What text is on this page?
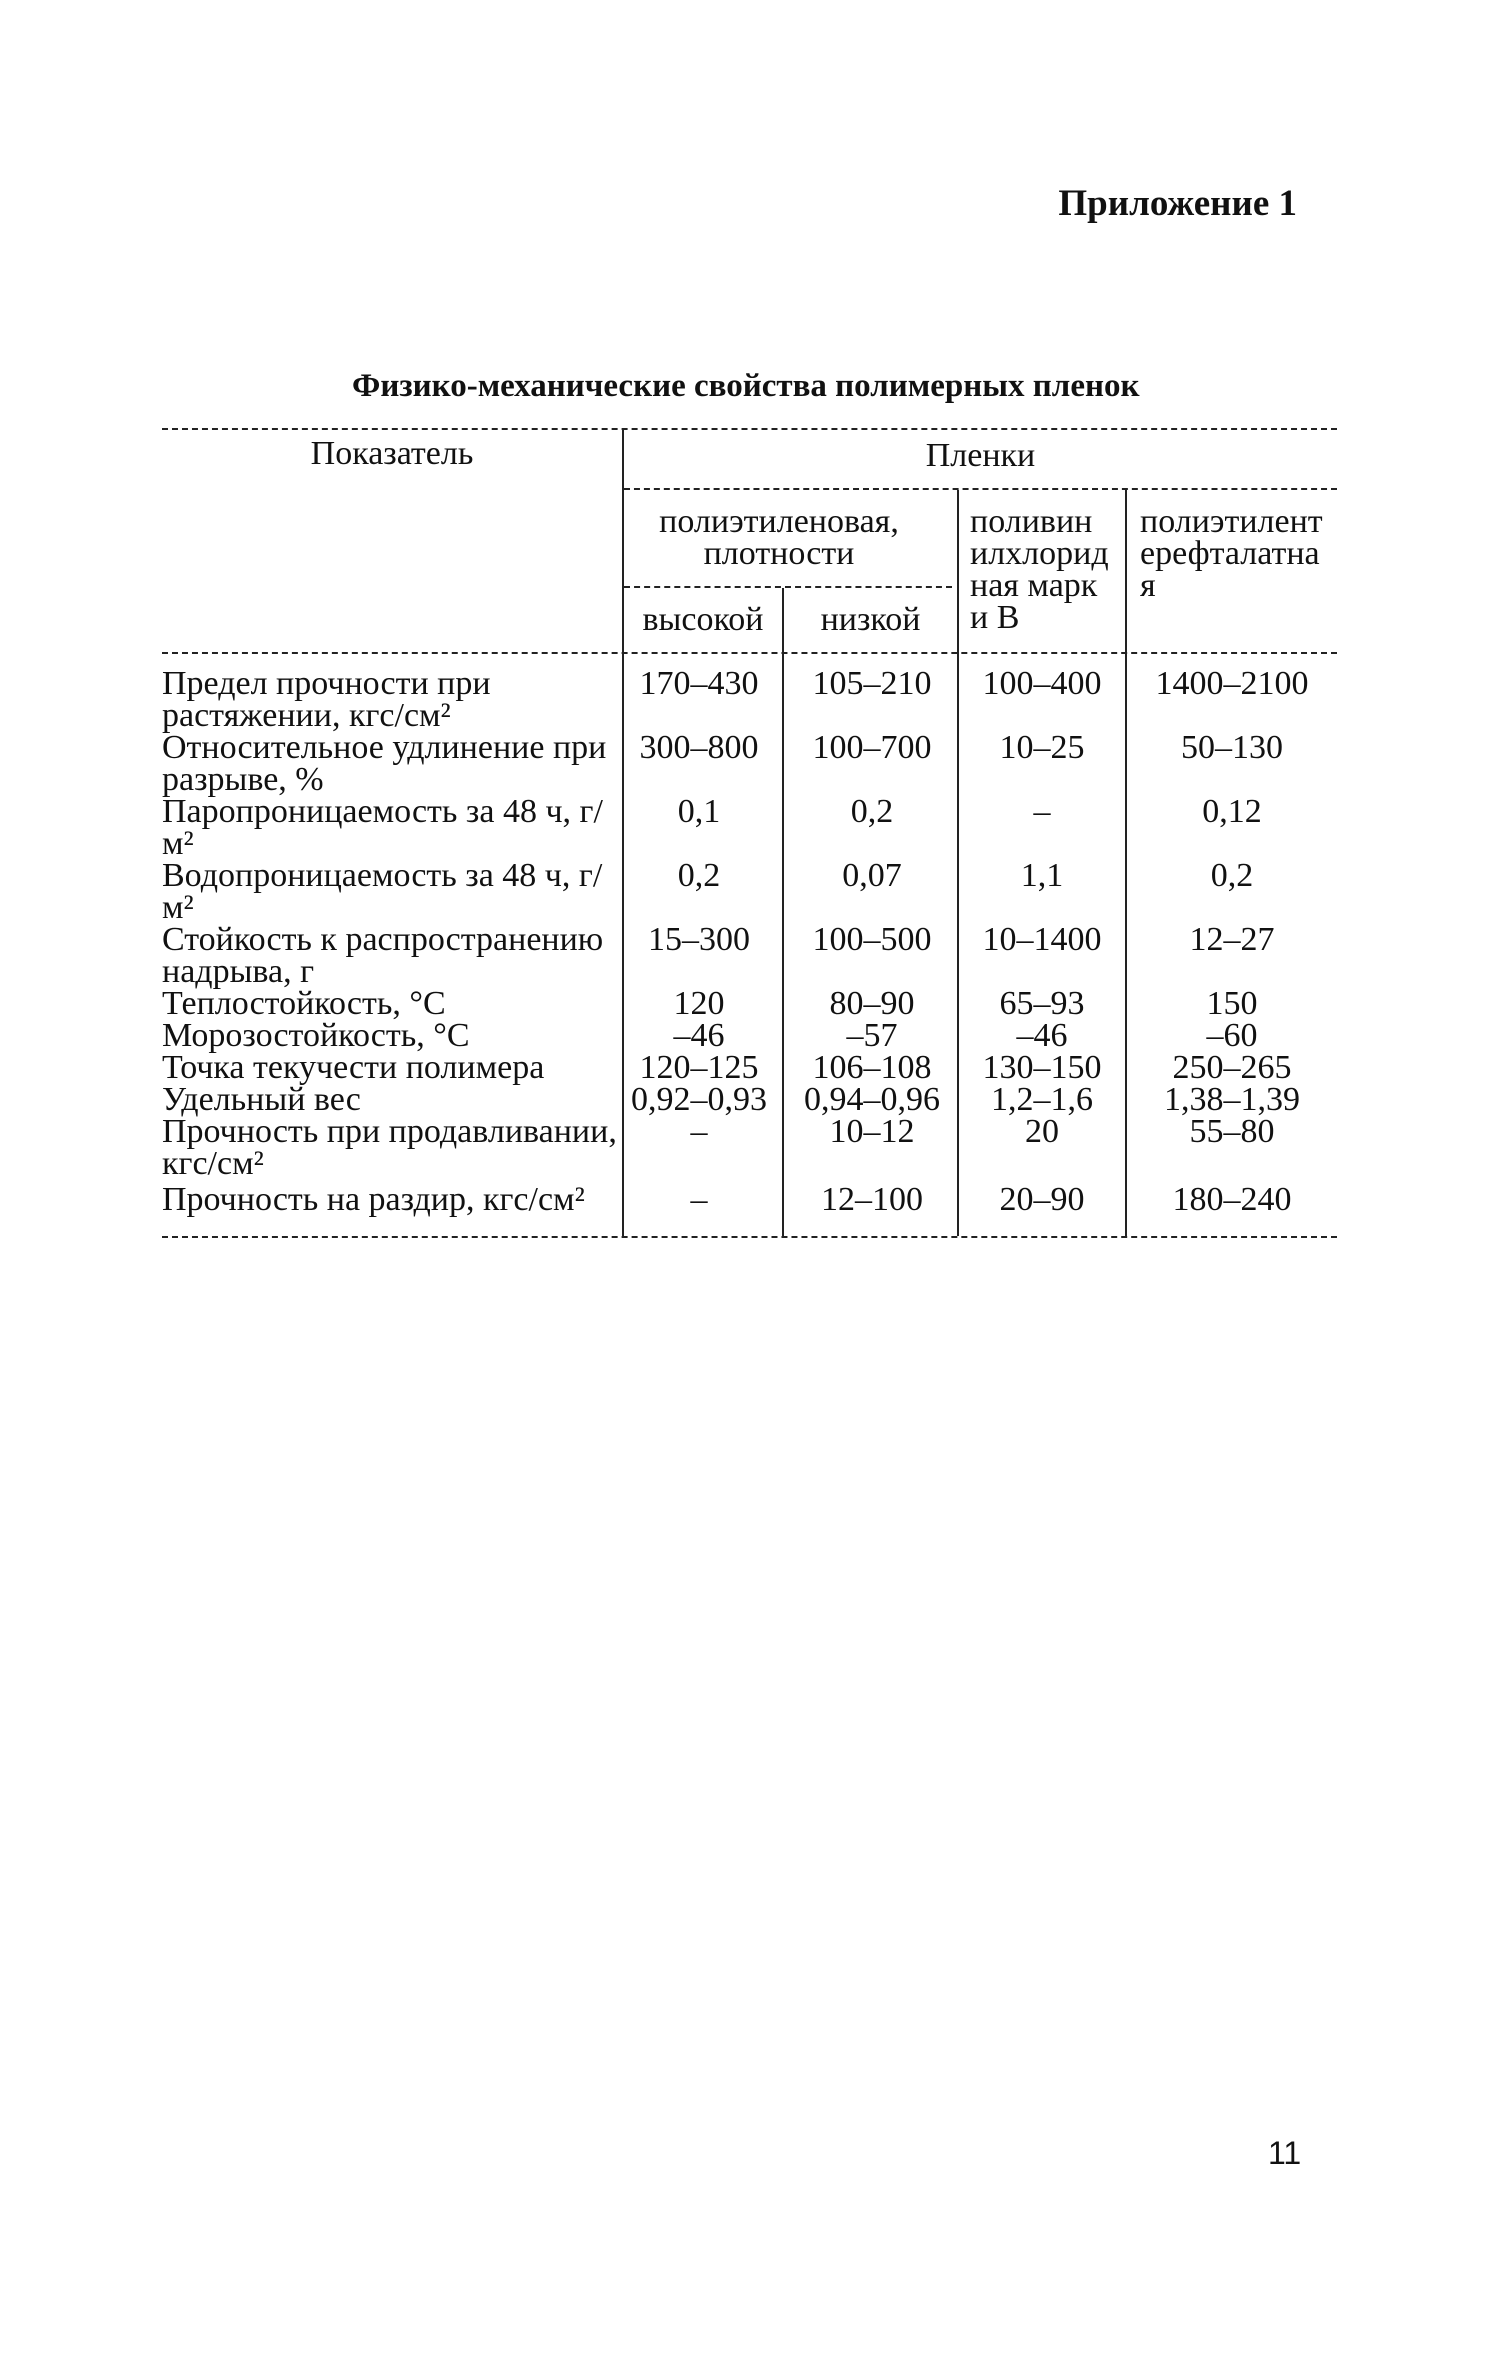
Приложение 1
Физико-механические свойства полимерных пленок
Показатель	Пленки
полиэтиленовая, плотности
высокой	низкой
поливинилхлоридная марки В
полиэтилентерефталатная
Предел прочности при растяжении, кгс/см²
170–430	105–210	100–400	1400–2100
Относительное удлинение при разрыве, %
300–800	100–700	10–25	50–130
Паропроницаемость за 48 ч, г/м²
0,1	0,2	–	0,12
Водопроницаемость за 48 ч, г/м²
0,2	0,07	1,1	0,2
Стойкость к распространению надрыва, г
15–300	100–500	10–1400	12–27
Теплостойкость, °С	120	80–90	65–93	150
Морозостойкость, °С	–46	–57	–46	–60
Точка текучести полимера	120–125	106–108	130–150	250–265
Удельный вес	0,92–0,93	0,94–0,96	1,2–1,6	1,38–1,39
Прочность при продавливании, кгс/см²
–	10–12	20	55–80
Прочность на раздир, кгс/см²	–	12–100	20–90	180–240
11
